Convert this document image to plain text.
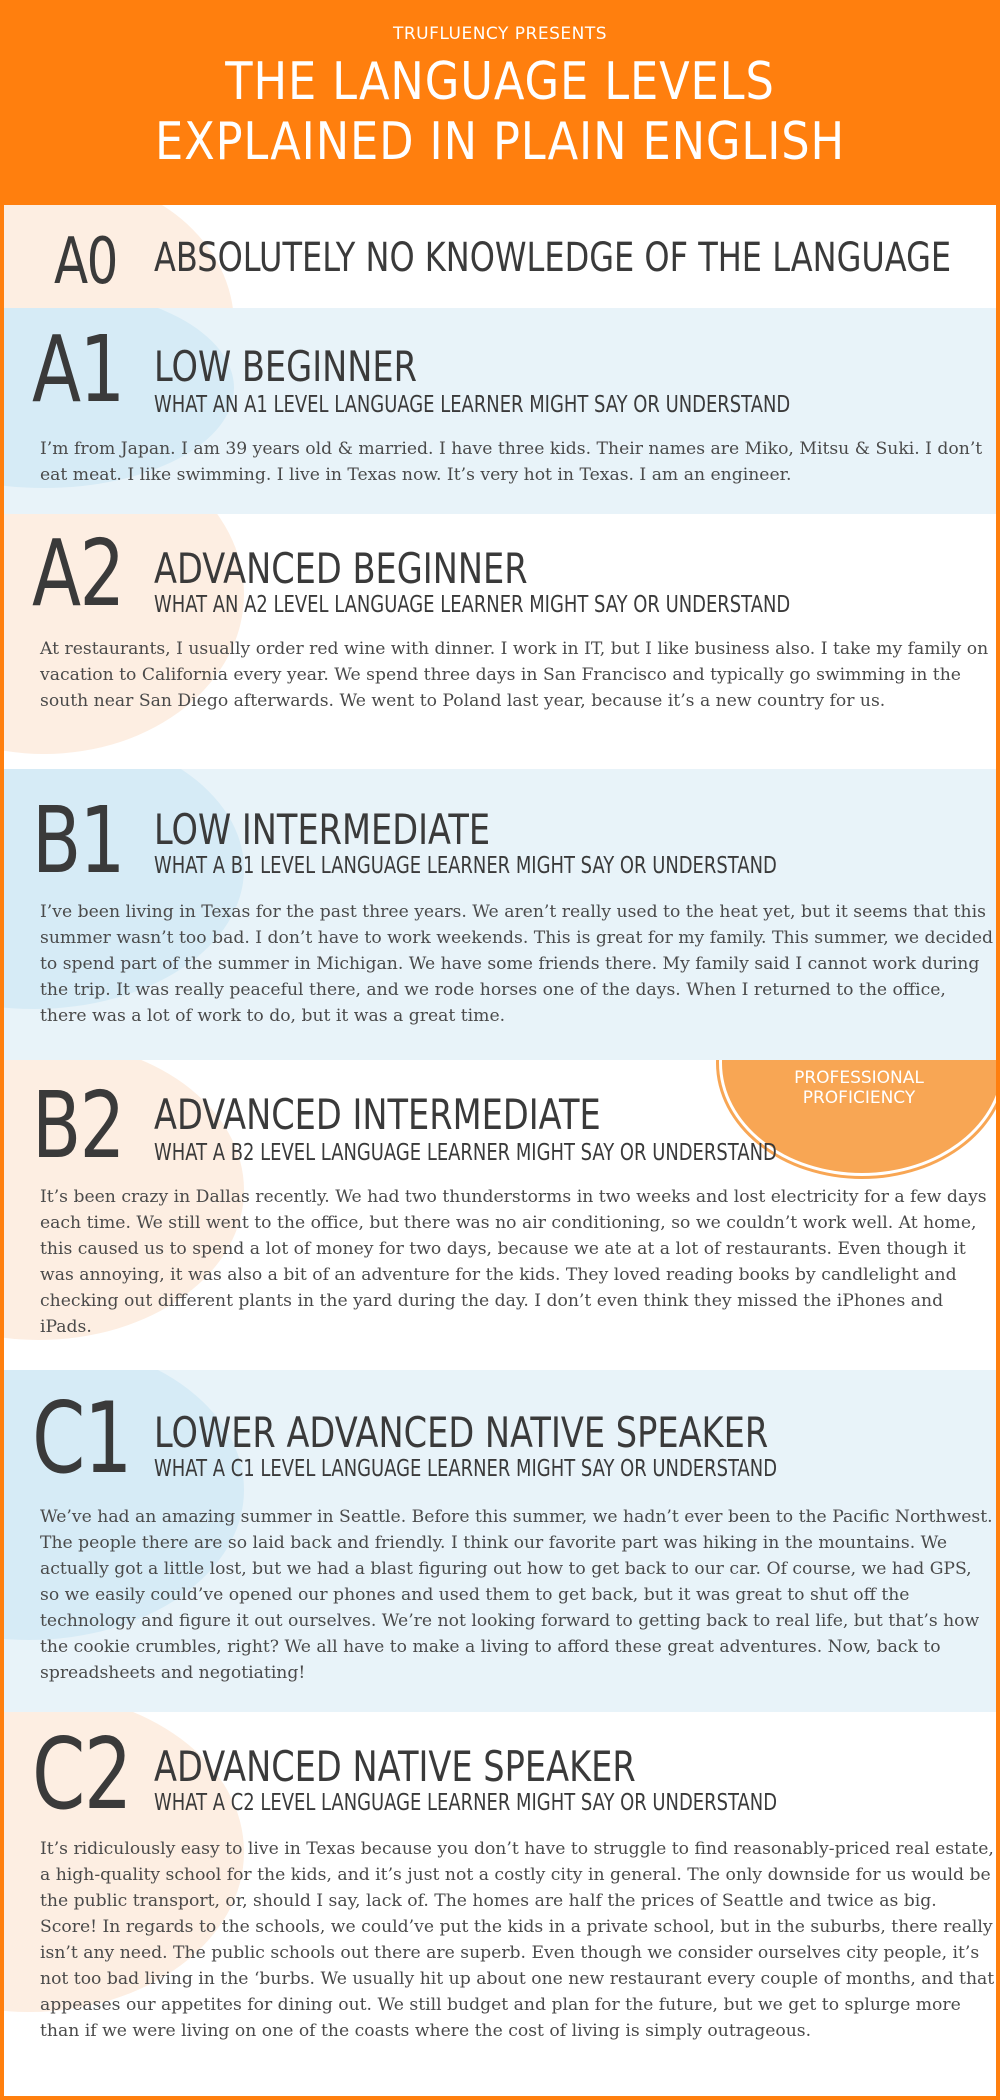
TRUFLUENCY PRESENTS
THE LANGUAGE LEVELS
EXPLAINED IN PLAIN ENGLISH
A0 ABSOLUTELY NO KNOWLEDGE OF THE LANGUAGE
A1 LOW BEGINNER
WHAT AN A1 LEVEL LANGUAGE LEARNER MIGHT SAY OR UNDERSTAND
I’m from Japan. I am 39 years old & married. I have three kids. Their names are Miko, Mitsu & Suki. I don’t eat meat. I like swimming. I live in Texas now. It’s very hot in Texas. I am an engineer.
A2 ADVANCED BEGINNER
WHAT AN A2 LEVEL LANGUAGE LEARNER MIGHT SAY OR UNDERSTAND
At restaurants, I usually order red wine with dinner. I work in IT, but I like business also. I take my family on vacation to California every year. We spend three days in San Francisco and typically go swimming in the south near San Diego afterwards. We went to Poland last year, because it’s a new country for us.
B1 LOW INTERMEDIATE
WHAT A B1 LEVEL LANGUAGE LEARNER MIGHT SAY OR UNDERSTAND
I’ve been living in Texas for the past three years. We aren’t really used to the heat yet, but it seems that this summer wasn’t too bad. I don’t have to work weekends. This is great for my family. This summer, we decided to spend part of the summer in Michigan. We have some friends there. My family said I cannot work during the trip. It was really peaceful there, and we rode horses one of the days. When I returned to the office, there was a lot of work to do, but it was a great time.
PROFESSIONAL
PROFICIENCY
B2 ADVANCED INTERMEDIATE
WHAT A B2 LEVEL LANGUAGE LEARNER MIGHT SAY OR UNDERSTAND
It’s been crazy in Dallas recently. We had two thunderstorms in two weeks and lost electricity for a few days each time. We still went to the office, but there was no air conditioning, so we couldn’t work well. At home, this caused us to spend a lot of money for two days, because we ate at a lot of restaurants. Even though it was annoying, it was also a bit of an adventure for the kids. They loved reading books by candlelight and checking out different plants in the yard during the day. I don’t even think they missed the iPhones and iPads.
C1 LOWER ADVANCED NATIVE SPEAKER
WHAT A C1 LEVEL LANGUAGE LEARNER MIGHT SAY OR UNDERSTAND
We’ve had an amazing summer in Seattle. Before this summer, we hadn’t ever been to the Pacific Northwest. The people there are so laid back and friendly. I think our favorite part was hiking in the mountains. We actually got a little lost, but we had a blast figuring out how to get back to our car. Of course, we had GPS, so we easily could’ve opened our phones and used them to get back, but it was great to shut off the technology and figure it out ourselves. We’re not looking forward to getting back to real life, but that’s how the cookie crumbles, right? We all have to make a living to afford these great adventures. Now, back to spreadsheets and negotiating!
C2 ADVANCED NATIVE SPEAKER
WHAT A C2 LEVEL LANGUAGE LEARNER MIGHT SAY OR UNDERSTAND
It’s ridiculously easy to live in Texas because you don’t have to struggle to find reasonably-priced real estate, a high-quality school for the kids, and it’s just not a costly city in general. The only downside for us would be the public transport, or, should I say, lack of. The homes are half the prices of Seattle and twice as big. Score! In regards to the schools, we could’ve put the kids in a private school, but in the suburbs, there really isn’t any need. The public schools out there are superb. Even though we consider ourselves city people, it’s not too bad living in the ‘burbs. We usually hit up about one new restaurant every couple of months, and that appeases our appetites for dining out. We still budget and plan for the future, but we get to splurge more than if we were living on one of the coasts where the cost of living is simply outrageous.
